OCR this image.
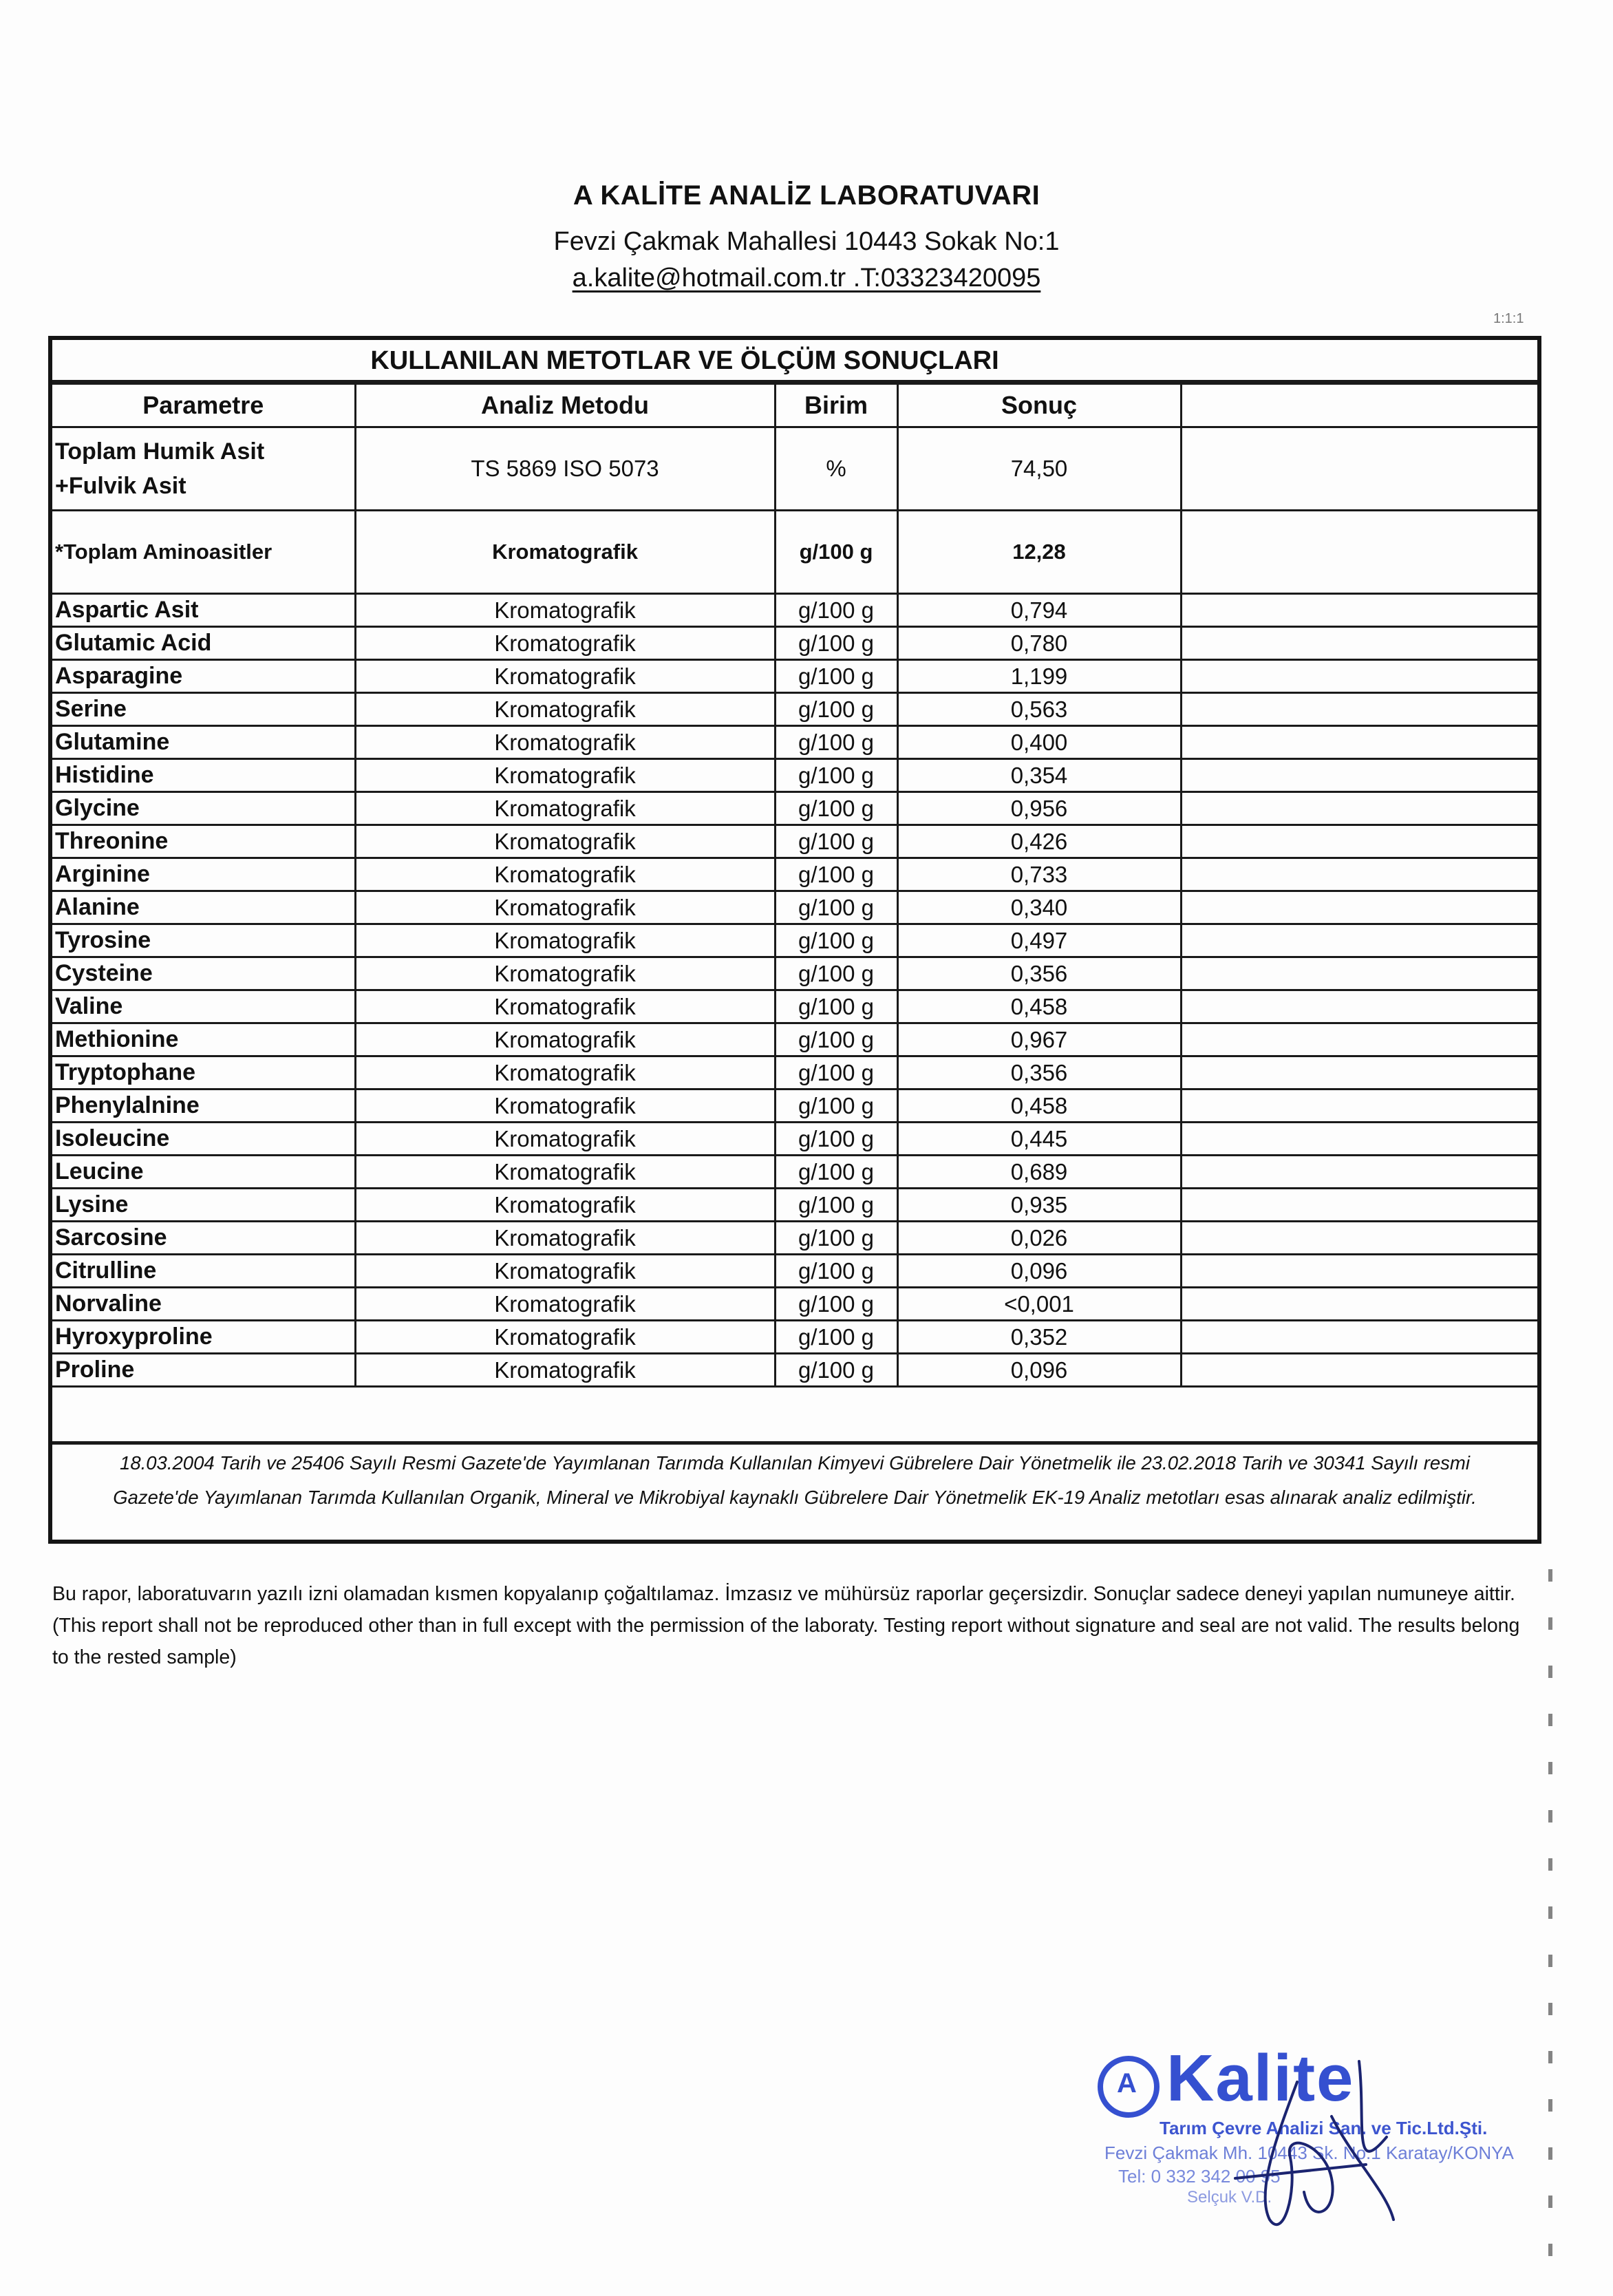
A KALİTE ANALİZ LABORATUVARI
Fevzi Çakmak Mahallesi 10443 Sokak No:1
a.kalite@hotmail.com.tr .T:03323420095
1:1:1
KULLANILAN METOTLAR VE ÖLÇÜM SONUÇLARI
Parametre	Analiz Metodu	Birim	Sonuç	
Toplam Humik Asit +Fulvik Asit	TS 5869 ISO 5073	%	74,50	
*Toplam Aminoasitler	Kromatografik	g/100 g	12,28	
Aspartic Asit	Kromatografik	g/100 g	0,794	
Glutamic Acid	Kromatografik	g/100 g	0,780	
Asparagine	Kromatografik	g/100 g	1,199	
Serine	Kromatografik	g/100 g	0,563	
Glutamine	Kromatografik	g/100 g	0,400	
Histidine	Kromatografik	g/100 g	0,354	
Glycine	Kromatografik	g/100 g	0,956	
Threonine	Kromatografik	g/100 g	0,426	
Arginine	Kromatografik	g/100 g	0,733	
Alanine	Kromatografik	g/100 g	0,340	
Tyrosine	Kromatografik	g/100 g	0,497	
Cysteine	Kromatografik	g/100 g	0,356	
Valine	Kromatografik	g/100 g	0,458	
Methionine	Kromatografik	g/100 g	0,967	
Tryptophane	Kromatografik	g/100 g	0,356	
Phenylalnine	Kromatografik	g/100 g	0,458	
Isoleucine	Kromatografik	g/100 g	0,445	
Leucine	Kromatografik	g/100 g	0,689	
Lysine	Kromatografik	g/100 g	0,935	
Sarcosine	Kromatografik	g/100 g	0,026	
Citrulline	Kromatografik	g/100 g	0,096	
Norvaline	Kromatografik	g/100 g	<0,001	
Hyroxyproline	Kromatografik	g/100 g	0,352	
Proline	Kromatografik	g/100 g	0,096	
18.03.2004 Tarih ve 25406 Sayılı Resmi Gazete'de Yayımlanan Tarımda Kullanılan Kimyevi Gübrelere Dair Yönetmelik ile 23.02.2018 Tarih ve 30341 Sayılı resmi
Gazete'de Yayımlanan Tarımda Kullanılan Organik, Mineral ve Mikrobiyal kaynaklı Gübrelere Dair Yönetmelik EK-19 Analiz metotları esas alınarak analiz edilmiştir.
Bu rapor, laboratuvarın yazılı izni olamadan kısmen kopyalanıp çoğaltılamaz. İmzasız ve mühürsüz raporlar geçersizdir. Sonuçlar sadece deneyi yapılan numuneye aittir.
(This report shall not be reproduced other than in full except with the permission of the laboraty. Testing report without signature and seal are not valid. The results belong to the rested sample)
A Kalite
Tarım Çevre Analizi San. ve Tic.Ltd.Şti.
Fevzi Çakmak Mh. 10443 Sk. No:1 Karatay/KONYA
Tel: 0 332 342 00 95
Selçuk V.D.
